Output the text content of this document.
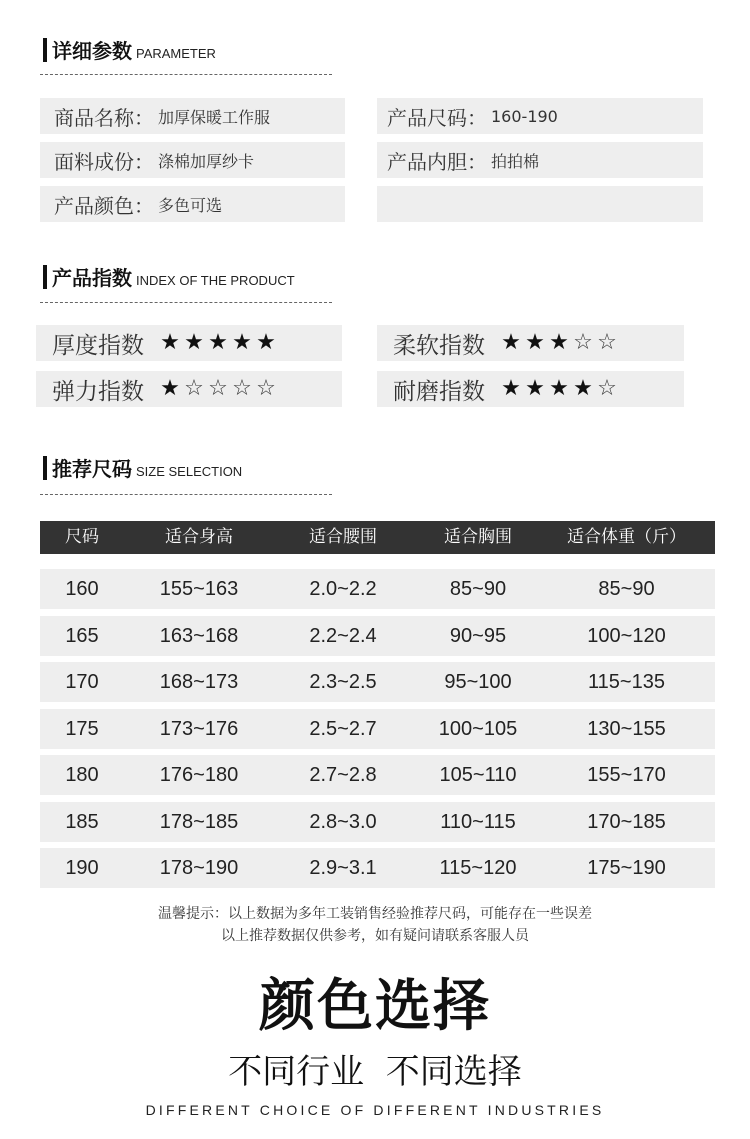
详细参数 PARAMETER
商品名称： 加厚保暖工作服	产品尺码： 160-190
面料成份： 涤棉加厚纱卡	产品内胆： 拍拍棉
产品颜色： 多色可选
产品指数 INDEX OF THE PRODUCT
厚度指数 ★ ★ ★ ★ ★	柔软指数 ★ ★ ★ ☆ ☆
弹力指数 ★ ☆ ☆ ☆ ☆	耐磨指数 ★ ★ ★ ★ ☆
推荐尺码 SIZE SELECTION
尺码	适合身高	适合腰围	适合胸围	适合体重（斤）
160	155~163	2.0~2.2	85~90	85~90
165	163~168	2.2~2.4	90~95	100~120
170	168~173	2.3~2.5	95~100	115~135
175	173~176	2.5~2.7	100~105	130~155
180	176~180	2.7~2.8	105~110	155~170
185	178~185	2.8~3.0	110~115	170~185
190	178~190	2.9~3.1	115~120	175~190
温馨提示：以上数据为多年工装销售经验推荐尺码，可能存在一些误差
以上推荐数据仅供参考，如有疑问请联系客服人员
颜色选择
不同行业  不同选择
DIFFERENT CHOICE OF DIFFERENT INDUSTRIES
